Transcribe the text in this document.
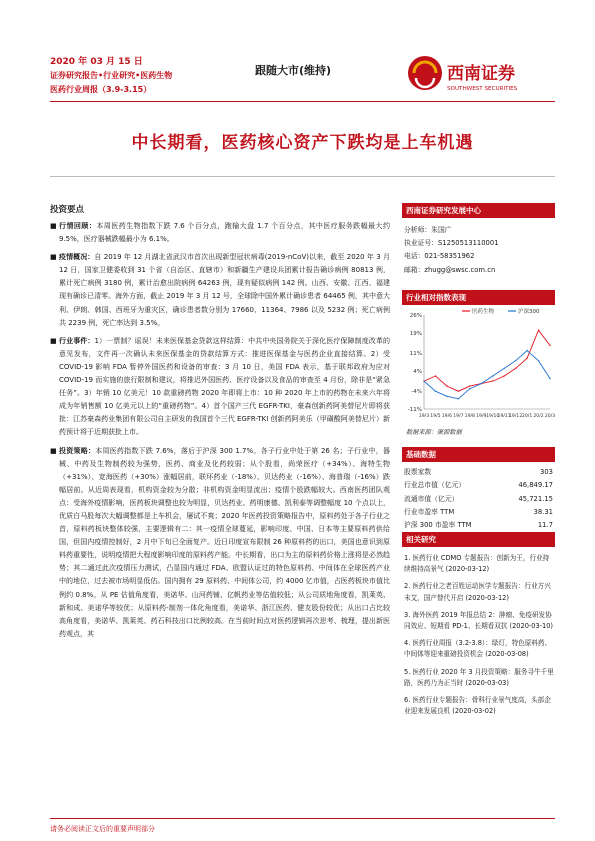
2020 年 03 月 15 日
证券研究报告•行业研究•医药生物
医药行业周报（3.9-3.15）
跟随大市(维持)	西南证券
SOUTHWEST SECURITIES
中长期看，医药核心资产下跌均是上车机遇
投资要点

■ 行情回顾：本周医药生物指数下跌 7.6 个百分点，跑输大盘 1.7 个百分点，其中医疗服务跌幅最大约 9.5%，医疗器械跌幅最小为 6.1%。

■ 疫情概况：自 2019 年 12 月湖北省武汉市首次出现新型冠状病毒(2019-nCoV)以来，截至 2020 年 3 月 12 日，国家卫健委收到 31 个省（自治区、直辖市）和新疆生产建设兵团累计报告确诊病例 80813 例，累计死亡病例 3180 例，累计治愈出院病例 64263 例，现有疑似病例 142 例。山西、安徽、江西、福建现有确诊已清零。海外方面，截止 2019 年 3 月 12 号，全球除中国外累计确诊患者 64465 例，其中意大利、伊朗、韩国、西班牙为重灾区，确诊患者数分别为 17660、11364、7986 以及 5232 例；死亡病例共 2239 例，死亡率达到 3.5%。

■ 行业事件：1）一票制？谣误！未来医保基金贷款这样结算：中共中央国务院关于深化医疗保障制度改革的意见发布，文件再一次确认未来医保基金的贷款结算方式：推进医保基金与医药企业直接结算。2）受 COVID-19 影响 FDA 暂停外国医药和设备的审查：3 月 10 日，美国 FDA 表示，基于联邦政府为应对 COVID-19 而实施的旅行限制和建议，将推迟外国医药、医疗设备以及食品的审查至 4 月份，除非是“紧急任务”。3）年销 10 亿美元！10 款重磅药物 2020 年即将上市：10 种 2020 年上市的药物在未来六年将成为年销售额 10 亿美元以上的“重磅药物”。4）首个国产三代 EGFR-TKI，豪森创新药阿美替尼片即将获批：江苏豪森药业集团有限公司自主研发的我国首个三代 EGFR-TKI 创新药阿美乐（甲磺酸阿美替尼片）新药预计将于近期获批上市。

■ 投资策略：本周医药指数下跌 7.6%，落后于沪深 300 1.7%。各子行业中处于第 26 名；子行业中，器械、中药及生物制药较为强势，医药、商业及化药较弱；从个股看，尚荣医疗（+34%）、海特生物（+31%）、宽海医药（+30%）涨幅居前，联环药业（-18%）、贝达药业（-16%）、海普瑞（-16%）跌幅居前。从近周表现看，机构资金较为分散；非机构资金明显流出；疫情个股跌幅较大。西南医药团队观点：受海外疫情影响，医药板块调整也较为明显，贝达药业、药明康德、凯利泰等调整幅度 10 个点以上，优质白马股每次大幅调整都是上车机会，屡试不爽；2020 年医药投资策略报告中，原料药处于各子行业之首，原料药板块整体较强，主要逻辑有二：其一疫情全球蔓延，影响印度、中国、日本等主要原料药供给国，但国内疫情控制好，2 月中下旬已全面复产。近日印度宣布限制 26 种原料药的出口，美国也意识到原料药重要性，说明疫情把大程度影响印度的原料药产能。中长期看，出口为主的原料药价格上涨将是必然趋势；其二通过此次疫情压力测试，凸显国内通过 FDA、欧盟认证过的特色原料药、中间体在全球医药产业中的地位，过去被市场明显低估。国内拥有 29 原料药、中间体公司，约 4000 亿市值，占医药板块市值比例约 0.8%。从 PE 估值角度看，美诺华、山河药铺、亿帆药业等估值较低；从公司质地角度看，凯莱英、新和成、美诺华等较优；从原料药-制剂一体化角度看，美诺华、浙江医药、健友股份较优；从出口占比较高角度看，美诺华、凯莱英、药石科技出口比例较高。在当前时间点对医药逻辑再次思考、梳理，提出新医药观点，其

西南证券研究发展中心
分析师：朱国广
执业证号：S1250513110001
电话：021-58351962
邮箱：zhugg@swsc.com.cn
行业相对指数表现
26%
19%
11%
4%
-4%
-11%
19/3 19/5 19/6 19/7 19/8 19/9 19/10
19/11
19/12 20/1 20/2 20/3
医药生物	沪深300
数据来源：聚源数据
基础数据
股票家数	303
行业总市值（亿元）	46,849.17
流通市值（亿元）	45,721.15
行业市盈率 TTM	38.31
沪深 300 市盈率 TTM	11.7
相关研究
1. 医药行业 CDMO 专题报告：创新为王，行业持续维持高景气 (2020-03-12)
2. 医药行业之老百姓运动医学专题报告：行业方兴未艾，国产替代开启 (2020-03-12)
3. 海外医药 2019 年报总结 2：肿瘤、免疫研发协同效应、短期看 PD-1、长期看双抗 (2020-03-10)
4. 医药行业周报（3.2-3.8）：绿灯，特色原料药、中间体等迎来重磅投资机会 (2020-03-08)
5. 医药行业 2020 年 3 月投资策略：服务寻牛千里路，医药乃为正当时 (2020-03-03)
6. 医药行业专题报告：骨科行业景气度高，头部企业迎来发展良机 (2020-03-02)
请务必阅读正文后的重要声明部分
